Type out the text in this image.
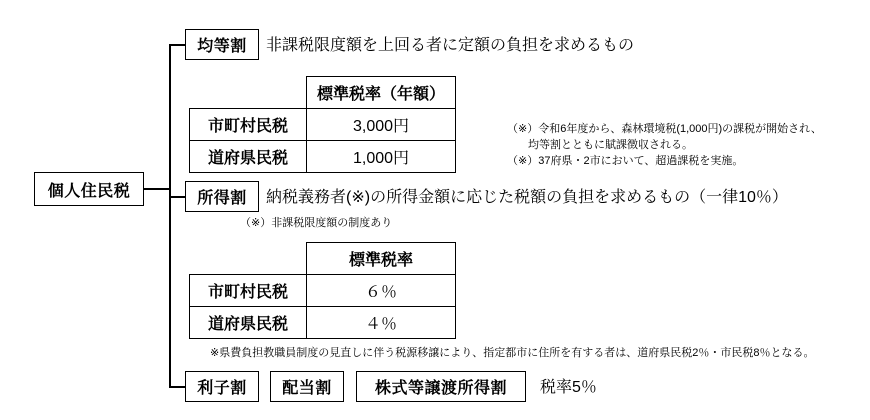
個人住民税
均等割 非課税限度額を上回る者に定額の負担を求めるもの
	標準税率（年額）
市町村民税	3,000円
道府県民税	1,000円
（※）令和6年度から、森林環境税(1,000円)の課税が開始され、
均等割とともに賦課徴収される。
（※）37府県・2市において、超過課税を実施。
所得割 納税義務者(※)の所得金額に応じた税額の負担を求めるもの（一律10％）
（※）非課税限度額の制度あり
	標準税率
市町村民税	６％
道府県民税	４％
※県費負担教職員制度の見直しに伴う税源移譲により、指定都市に住所を有する者は、道府県民税2％・市民税8％となる。
利子割 配当割	株式等譲渡所得割 税率5％
